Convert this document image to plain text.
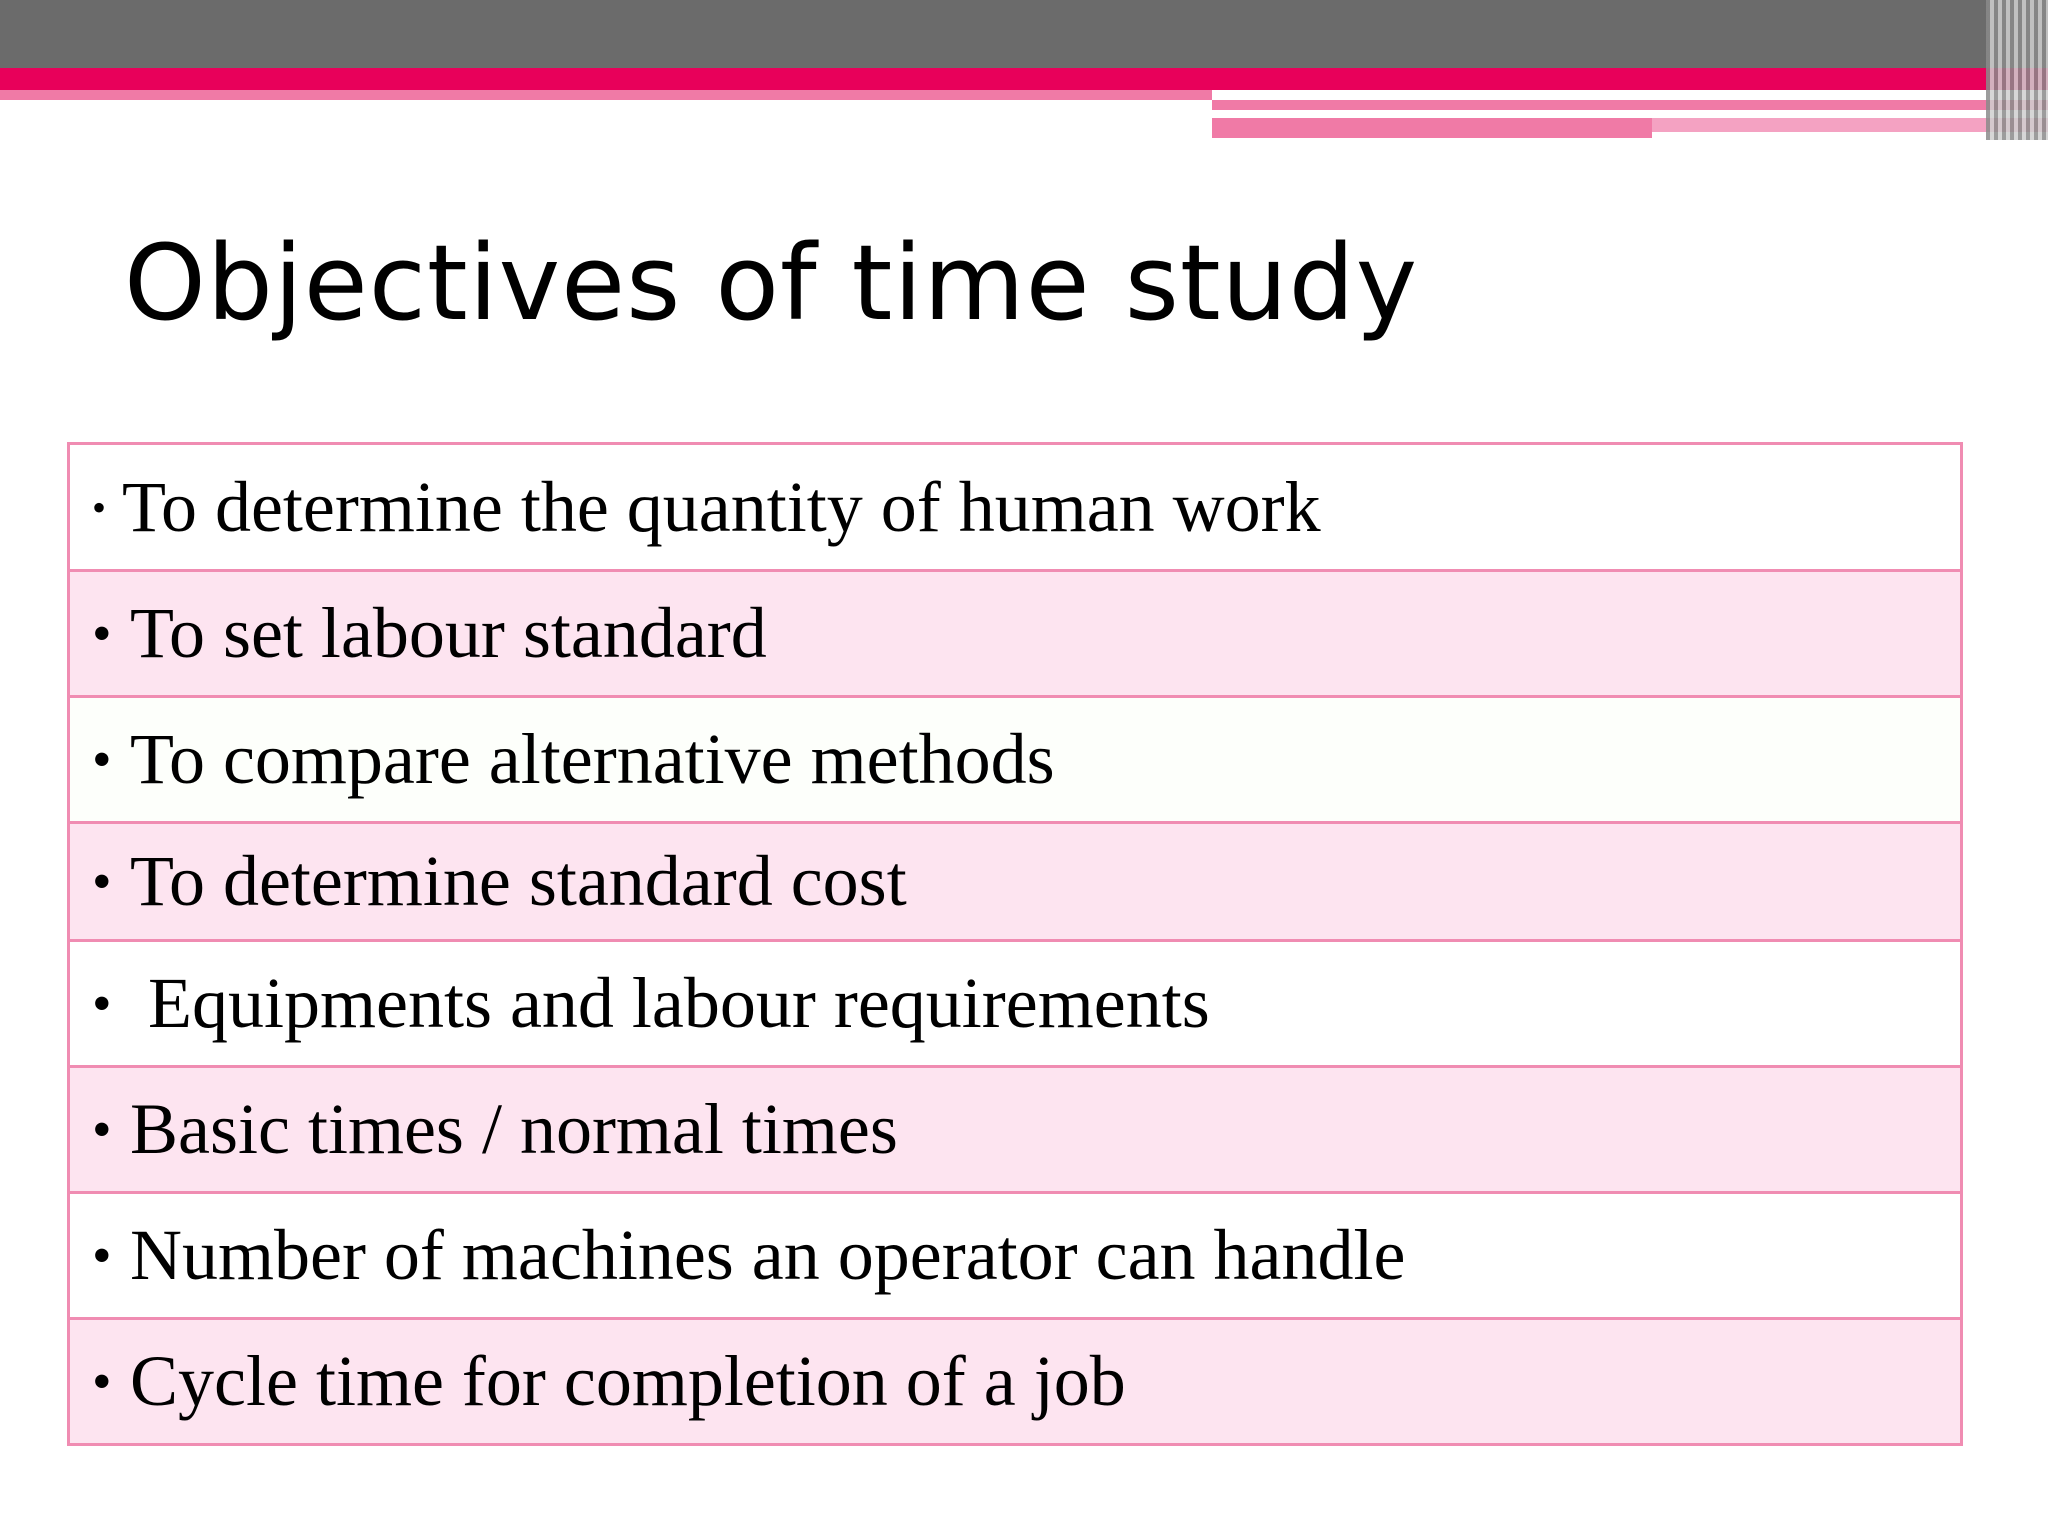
Objectives of time study
• To determine the quantity of human work
• To set labour standard
• To compare alternative methods
• To determine standard cost
• Equipments and labour requirements
• Basic times / normal times
• Number of machines an operator can handle
• Cycle time for completion of a job
